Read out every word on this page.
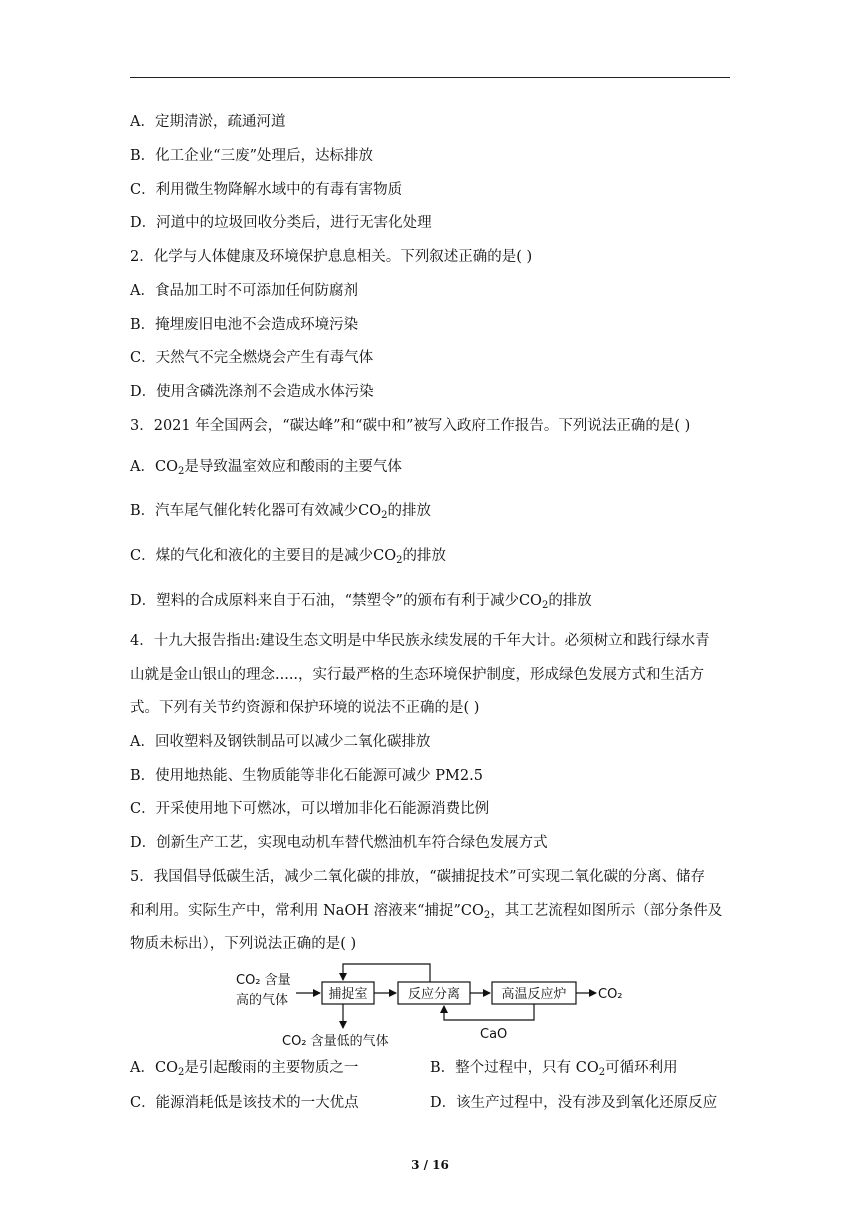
A．定期清淤，疏通河道
B．化工企业“三废”处理后，达标排放
C．利用微生物降解水域中的有毒有害物质
D．河道中的垃圾回收分类后，进行无害化处理
2．化学与人体健康及环境保护息息相关。下列叙述正确的是( )
A．食品加工时不可添加任何防腐剂
B．掩埋废旧电池不会造成环境污染
C．天然气不完全燃烧会产生有毒气体
D．使用含磷洗涤剂不会造成水体污染
3．2021 年全国两会，“碳达峰”和“碳中和”被写入政府工作报告。下列说法正确的是( )
A．$CO_2$是导致温室效应和酸雨的主要气体
B．汽车尾气催化转化器可有效减少$CO_2$的排放
C．煤的气化和液化的主要目的是减少$CO_2$的排放
D．塑料的合成原料来自于石油，“禁塑令”的颁布有利于减少$CO_2$的排放
4．十九大报告指出:建设生态文明是中华民族永续发展的千年大计。必须树立和践行绿水青
山就是金山银山的理念.....，实行最严格的生态环境保护制度，形成绿色发展方式和生活方
式。下列有关节约资源和保护环境的说法不正确的是( )
A．回收塑料及钢铁制品可以减少二氧化碳排放
B．使用地热能、生物质能等非化石能源可减少 PM2.5
C．开采使用地下可燃冰，可以增加非化石能源消费比例
D．创新生产工艺，实现电动机车替代燃油机车符合绿色发展方式
5．我国倡导低碳生活，减少二氧化碳的排放，“碳捕捉技术”可实现二氧化碳的分离、储存
和利用。实际生产中，常利用 NaOH 溶液来“捕捉$”CO_2$，其工艺流程如图所示（部分条件及
物质未标出），下列说法正确的是( )
CO₂ 含量
高的气体	捕捉室	反应分离	高温反应炉 CO₂
CO₂ 含量低的气体	CaO
A．$CO_2$是引起酸雨的主要物质之一	B．整个过程中，只有 $CO_2$可循环利用
C．能源消耗低是该技术的一大优点	D．该生产过程中，没有涉及到氧化还原反应
3 / 16
